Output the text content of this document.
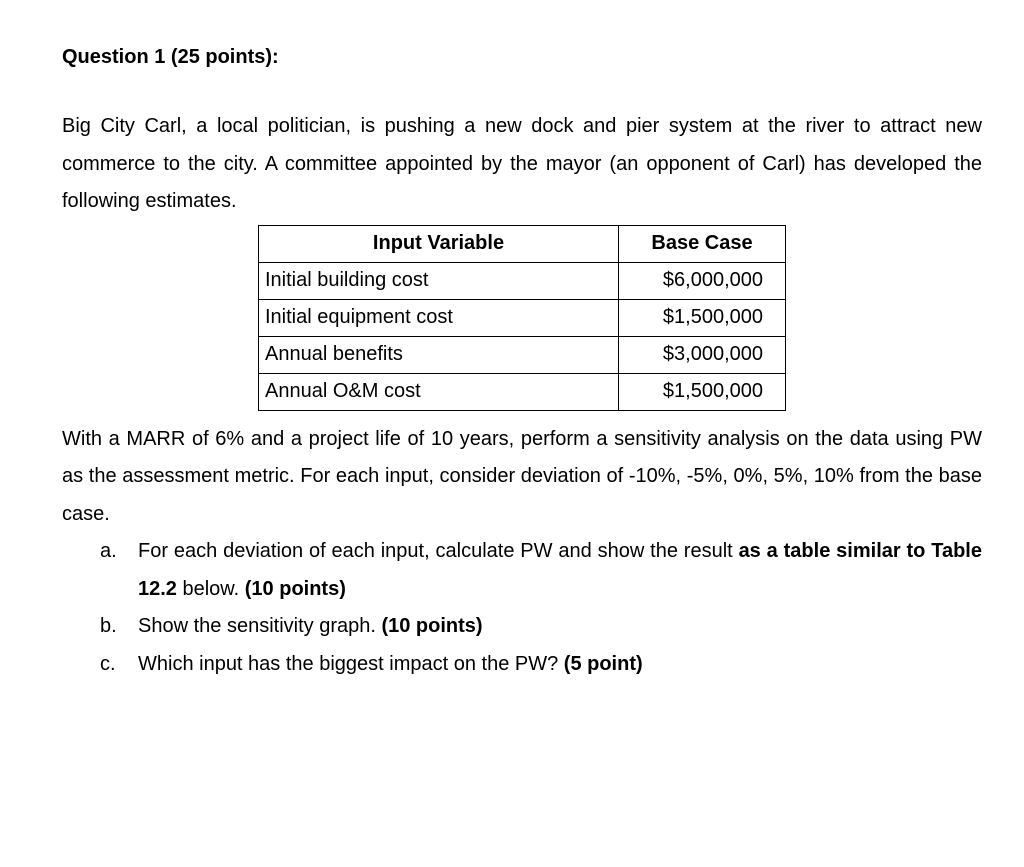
Question 1 (25 points):

Big City Carl, a local politician, is pushing a new dock and pier system at the river to attract new commerce to the city. A committee appointed by the mayor (an opponent of Carl) has developed the following estimates.

Input Variable	Base Case
Initial building cost	$6,000,000
Initial equipment cost	$1,500,000
Annual benefits	$3,000,000
Annual O&M cost	$1,500,000

With a MARR of 6% and a project life of 10 years, perform a sensitivity analysis on the data using PW as the assessment metric. For each input, consider deviation of -10%, -5%, 0%, 5%, 10% from the base case.

a. For each deviation of each input, calculate PW and show the result as a table similar to Table 12.2 below. (10 points)
b. Show the sensitivity graph. (10 points)
c. Which input has the biggest impact on the PW? (5 point)
